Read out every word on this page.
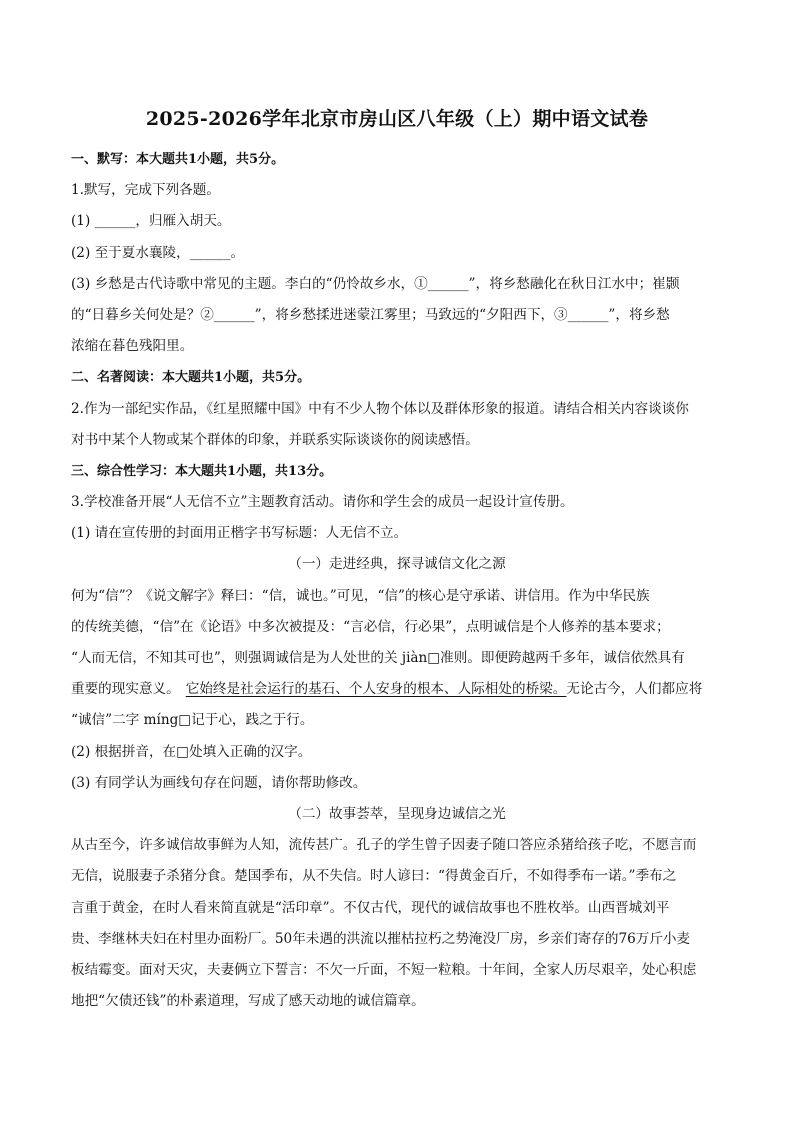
2025-2026学年北京市房山区八年级（上）期中语文试卷
一、默写：本大题共1小题，共5分。
1.默写，完成下列各题。
(1) ______，归雁入胡天。
(2) 至于夏水襄陵，______。
(3) 乡愁是古代诗歌中常见的主题。李白的“仍怜故乡水，①______”，将乡愁融化在秋日江水中；崔颢
的“日暮乡关何处是？②______”，将乡愁揉进迷蒙江雾里；马致远的“夕阳西下，③______”，将乡愁
浓缩在暮色残阳里。
二、名著阅读：本大题共1小题，共5分。
2.作为一部纪实作品，《红星照耀中国》中有不少人物个体以及群体形象的报道。请结合相关内容谈谈你
对书中某个人物或某个群体的印象，并联系实际谈谈你的阅读感悟。
三、综合性学习：本大题共1小题，共13分。
3.学校准备开展“人无信不立”主题教育活动。请你和学生会的成员一起设计宣传册。
(1) 请在宣传册的封面用正楷字书写标题：人无信不立。
（一）走进经典，探寻诚信文化之源
何为“信”？《说文解字》释曰：“信，诚也。”可见，“信”的核心是守承诺、讲信用。作为中华民族
的传统美德，“信”在《论语》中多次被提及：“言必信，行必果”，点明诚信是个人修养的基本要求；
“人而无信，不知其可也”，则强调诚信是为人处世的关 jiàn□准则。即便跨越两千多年，诚信依然具有
重要的现实意义。 它始终是社会运行的基石、个人安身的根本、人际相处的桥梁。无论古今，人们都应将
“诚信”二字 míng□记于心，践之于行。
(2) 根据拼音，在□处填入正确的汉字。
(3) 有同学认为画线句存在问题，请你帮助修改。
（二）故事荟萃，呈现身边诚信之光
从古至今，许多诚信故事鲜为人知，流传甚广。孔子的学生曾子因妻子随口答应杀猪给孩子吃，不愿言而
无信，说服妻子杀猪分食。楚国季布，从不失信。时人谚曰：“得黄金百斤，不如得季布一诺。”季布之
言重于黄金，在时人看来简直就是“活印章”。不仅古代，现代的诚信故事也不胜枚举。山西晋城刘平
贵、李继林夫妇在村里办面粉厂。50年未遇的洪流以摧枯拉朽之势淹没厂房，乡亲们寄存的76万斤小麦
板结霉变。面对天灾，夫妻俩立下誓言：不欠一斤面，不短一粒粮。十年间，全家人历尽艰辛，处心积虑
地把“欠债还钱”的朴素道理，写成了感天动地的诚信篇章。
